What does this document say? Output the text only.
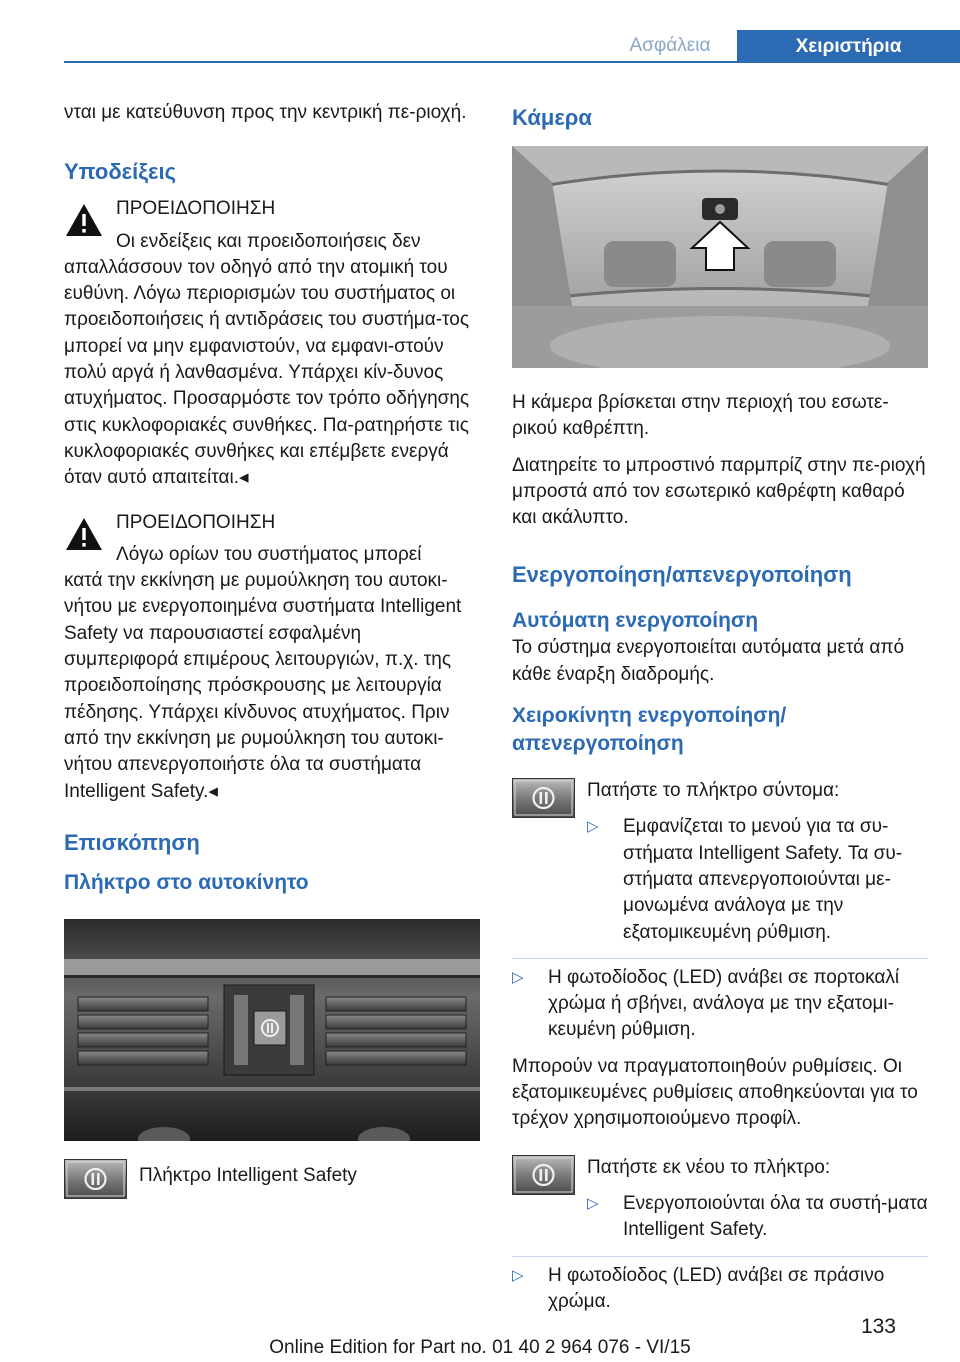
Ασφάλεια	Χειριστήρια

νται με κατεύθυνση προς την κεντρική πε‐ριοχή.

Υποδείξεις

ΠΡΟΕΙΔΟΠΟΙΗΣΗ

Οι ενδείξεις και προειδοποιήσεις δεν

απαλλάσσουν τον οδηγό από την ατομική του ευθύνη. Λόγω περιορισμών του συστήματος οι προειδοποιήσεις ή αντιδράσεις του συστήμα‐τος μπορεί να μην εμφανιστούν, να εμφανι‐στούν πολύ αργά ή λανθασμένα. Υπάρχει κίν‐δυνος ατυχήματος. Προσαρμόστε τον τρόπο οδήγησης στις κυκλοφοριακές συνθήκες. Πα‐ρατηρήστε τις κυκλοφοριακές συνθήκες και επέμβετε ενεργά όταν αυτό απαιτείται.◂

ΠΡΟΕΙΔΟΠΟΙΗΣΗ

Λόγω ορίων του συστήματος μπορεί

κατά την εκκίνηση με ρυμούλκηση του αυτοκι‐νήτου με ενεργοποιημένα συστήματα Intelligent Safety να παρουσιαστεί εσφαλμένη συμπεριφορά επιμέρους λειτουργιών, π.χ. της προειδοποίησης πρόσκρουσης με λειτουργία πέδησης. Υπάρχει κίνδυνος ατυχήματος. Πριν από την εκκίνηση με ρυμούλκηση του αυτοκι‐νήτου απενεργοποιήστε όλα τα συστήματα Intelligent Safety.◂

Επισκόπηση
Πλήκτρο στο αυτοκίνητο

Πλήκτρο Intelligent Safety

Κάμερα

Η κάμερα βρίσκεται στην περιοχή του εσωτε‐ρικού καθρέπτη.

Διατηρείτε το μπροστινό παρμπρίζ στην πε‐ριοχή μπροστά από τον εσωτερικό καθρέφτη καθαρό και ακάλυπτο.

Ενεργοποίηση/απενεργοποίηση
Αυτόματη ενεργοποίηση

Το σύστημα ενεργοποιείται αυτόματα μετά από κάθε έναρξη διαδρομής.

Χειροκίνητη ενεργοποίηση/απενεργοποίηση

Πατήστε το πλήκτρο σύντομα:

▷ Εμφανίζεται το μενού για τα συ‐στήματα Intelligent Safety. Τα συ‐στήματα απενεργοποιούνται με‐μονωμένα ανάλογα με την εξατομικευμένη ρύθμιση.

▷ Η φωτοδίοδος (LED) ανάβει σε πορτοκαλί χρώμα ή σβήνει, ανάλογα με την εξατομι‐κευμένη ρύθμιση.

Μπορούν να πραγματοποιηθούν ρυθμίσεις. Οι εξατομικευμένες ρυθμίσεις αποθηκεύονται για το τρέχον χρησιμοποιούμενο προφίλ.

Πατήστε εκ νέου το πλήκτρο:

▷ Ενεργοποιούνται όλα τα συστή‐ματα Intelligent Safety.

▷ Η φωτοδίοδος (LED) ανάβει σε πράσινο χρώμα.

133
Online Edition for Part no. 01 40 2 964 076 - VI/15
